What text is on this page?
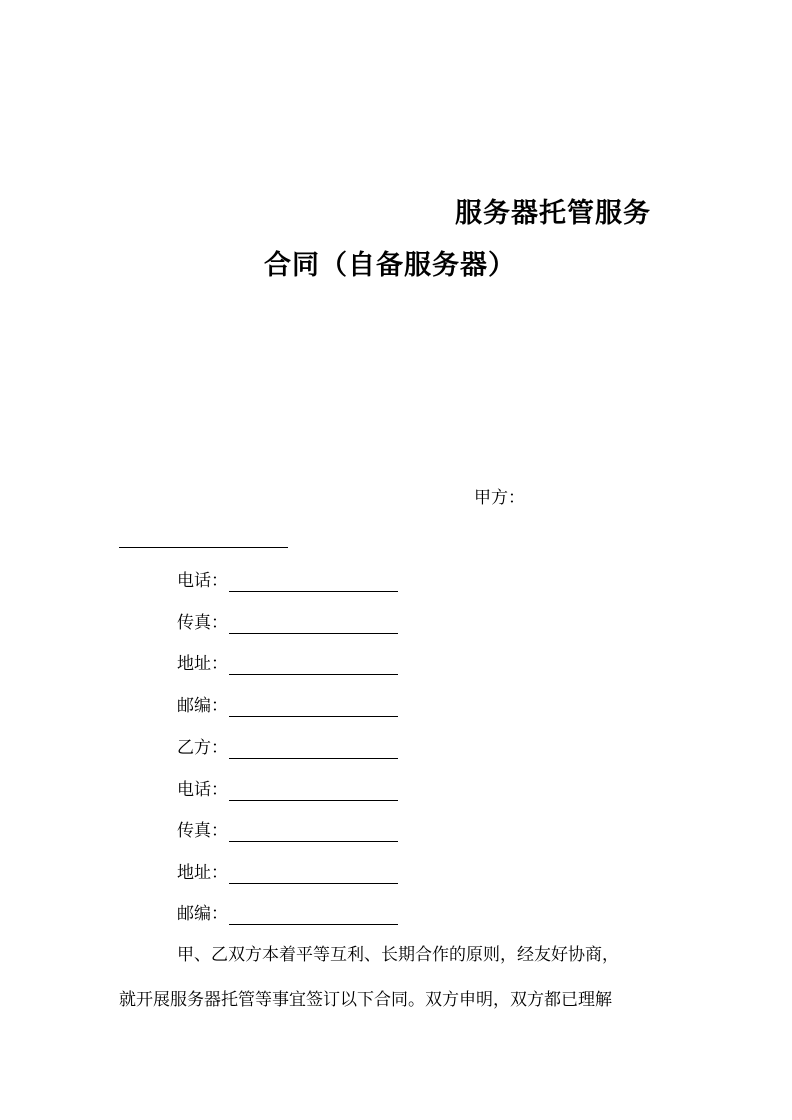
服务器托管服务
合同（自备服务器）
甲方：
电话：
传真：
地址：
邮编：
乙方：
电话：
传真：
地址：
邮编：
甲、乙双方本着平等互利、长期合作的原则，经友好协商，
就开展服务器托管等事宜签订以下合同。双方申明，双方都已理解
